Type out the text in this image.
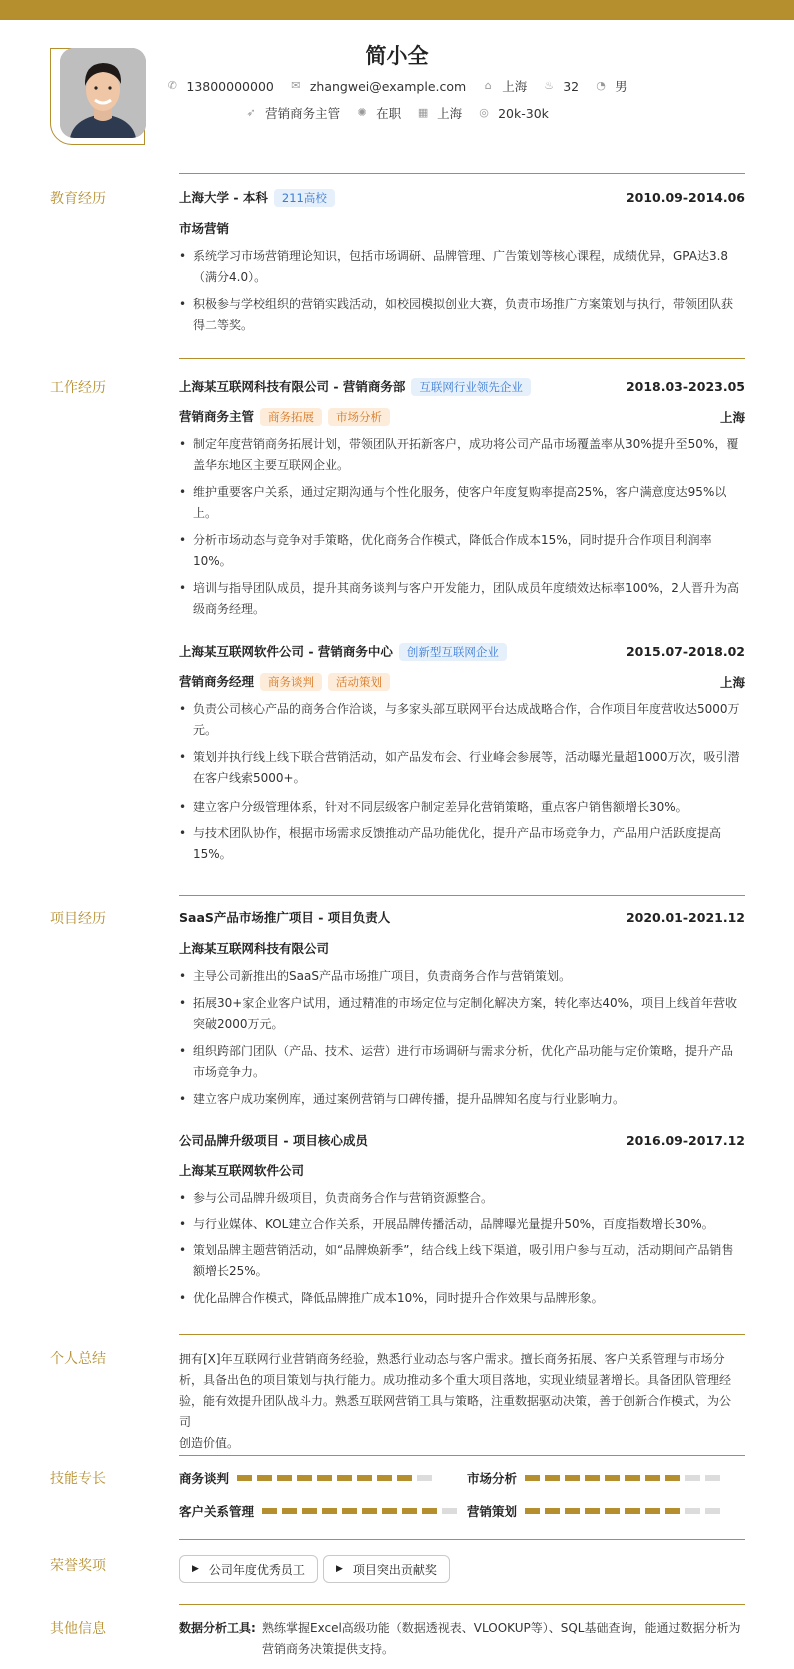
简小全
✆ 13800000000
✉ zhangwei@example.com
⌂ 上海
♨ 32
◔ 男
➶ 营销商务主管
✺ 在职
▦ 上海
◎ 20k-30k
教育经历	上海大学 - 本科 211高校	2010.09-2014.06
市场营销
• 系统学习市场营销理论知识，包括市场调研、品牌管理、广告策划等核心课程，成绩优异，GPA达3.8
（满分4.0）。
• 积极参与学校组织的营销实践活动，如校园模拟创业大赛，负责市场推广方案策划与执行，带领团队获
得二等奖。
工作经历	上海某互联网科技有限公司 - 营销商务部 互联网行业领先企业	2018.03-2023.05
营销商务主管 商务拓展 市场分析	上海
• 制定年度营销商务拓展计划，带领团队开拓新客户，成功将公司产品市场覆盖率从30%提升至50%，覆
盖华东地区主要互联网企业。
• 维护重要客户关系，通过定期沟通与个性化服务，使客户年度复购率提高25%，客户满意度达95%以
上。
• 分析市场动态与竞争对手策略，优化商务合作模式，降低合作成本15%，同时提升合作项目利润率
10%。
• 培训与指导团队成员，提升其商务谈判与客户开发能力，团队成员年度绩效达标率100%，2人晋升为高
级商务经理。
上海某互联网软件公司 - 营销商务中心 创新型互联网企业	2015.07-2018.02
营销商务经理 商务谈判 活动策划	上海
• 负责公司核心产品的商务合作洽谈，与多家头部互联网平台达成战略合作，合作项目年度营收达5000万
元。
• 策划并执行线上线下联合营销活动，如产品发布会、行业峰会参展等，活动曝光量超1000万次，吸引潜
在客户线索5000+。
• 建立客户分级管理体系，针对不同层级客户制定差异化营销策略，重点客户销售额增长30%。
• 与技术团队协作，根据市场需求反馈推动产品功能优化，提升产品市场竞争力，产品用户活跃度提高
15%。
项目经历	SaaS产品市场推广项目 - 项目负责人	2020.01-2021.12
上海某互联网科技有限公司
• 主导公司新推出的SaaS产品市场推广项目，负责商务合作与营销策划。
• 拓展30+家企业客户试用，通过精准的市场定位与定制化解决方案，转化率达40%，项目上线首年营收
突破2000万元。
• 组织跨部门团队（产品、技术、运营）进行市场调研与需求分析，优化产品功能与定价策略，提升产品
市场竞争力。
• 建立客户成功案例库，通过案例营销与口碑传播，提升品牌知名度与行业影响力。
公司品牌升级项目 - 项目核心成员	2016.09-2017.12
上海某互联网软件公司
• 参与公司品牌升级项目，负责商务合作与营销资源整合。
• 与行业媒体、KOL建立合作关系，开展品牌传播活动，品牌曝光量提升50%，百度指数增长30%。
• 策划品牌主题营销活动，如“品牌焕新季”，结合线上线下渠道，吸引用户参与互动，活动期间产品销售
额增长25%。
• 优化品牌合作模式，降低品牌推广成本10%，同时提升合作效果与品牌形象。
个人总结	拥有[X]年互联网行业营销商务经验，熟悉行业动态与客户需求。擅长商务拓展、客户关系管理与市场分
析，具备出色的项目策划与执行能力。成功推动多个重大项目落地，实现业绩显著增长。具备团队管理经
验，能有效提升团队战斗力。熟悉互联网营销工具与策略，注重数据驱动决策，善于创新合作模式，为公司
创造价值。
技能专长	商务谈判	市场分析
客户关系管理	营销策划
荣誉奖项	▶ 公司年度优秀员工	▶ 项目突出贡献奖
其他信息	数据分析工具: 熟练掌握Excel高级功能（数据透视表、VLOOKUP等）、SQL基础查询，能通过数据分析为
营销商务决策提供支持。
